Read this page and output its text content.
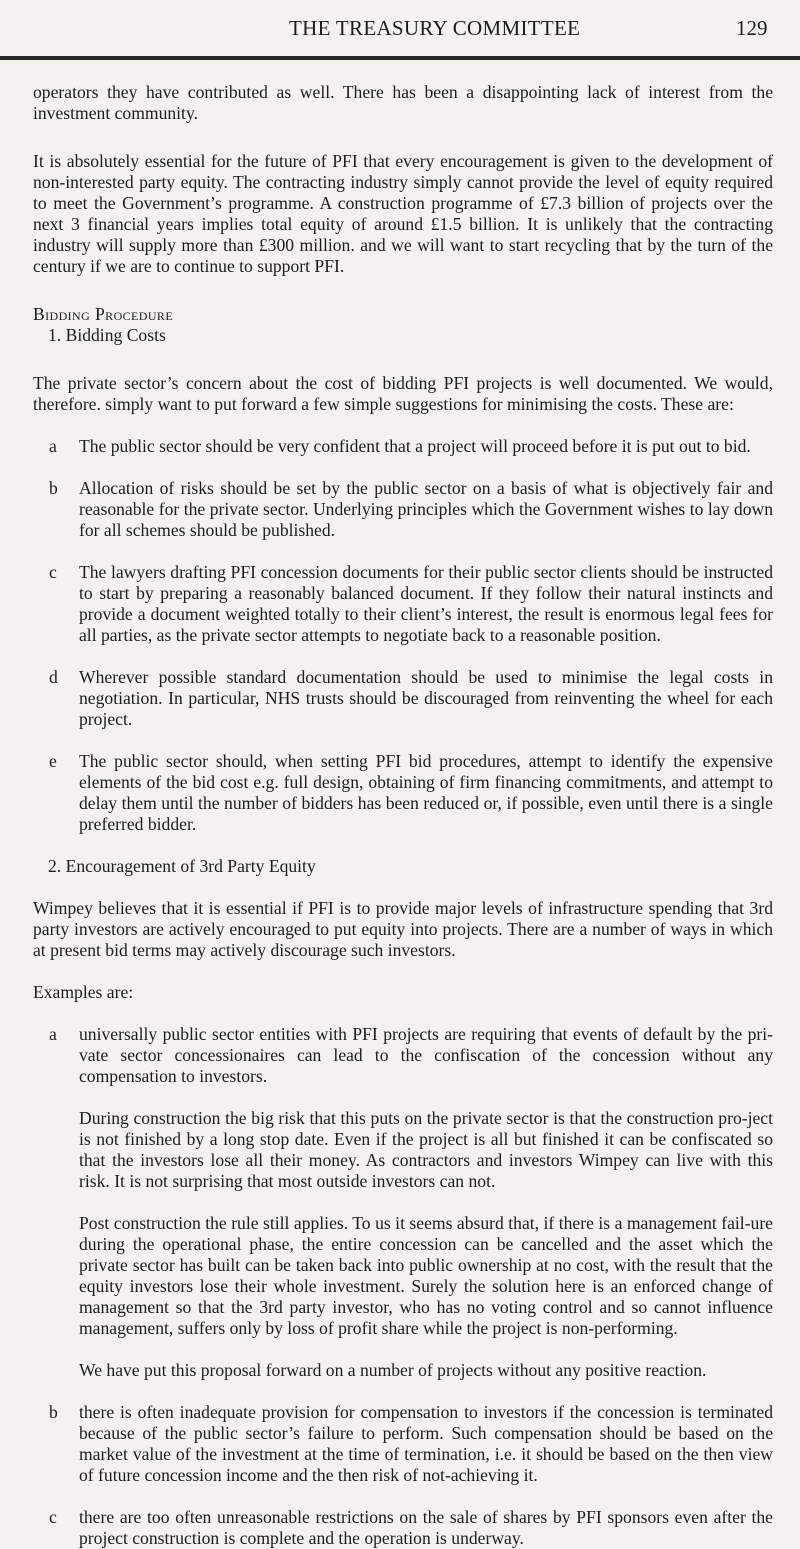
THE TREASURY COMMITTEE	129

operators they have contributed as well. There has been a disappointing lack of interest from the investment community.

It is absolutely essential for the future of PFI that every encouragement is given to the development of non-interested party equity. The contracting industry simply cannot provide the level of equity required to meet the Government’s programme. A construction programme of £7.3 billion of projects over the next 3 financial years implies total equity of around £1.5 billion. It is unlikely that the contracting industry will supply more than £300 million. and we will want to start recycling that by the turn of the century if we are to continue to support PFI.

Bidding Procedure

1. Bidding Costs

The private sector’s concern about the cost of bidding PFI projects is well documented. We would, therefore. simply want to put forward a few simple suggestions for minimising the costs. These are:

a	The public sector should be very confident that a project will proceed before it is put out to bid.
b	Allocation of risks should be set by the public sector on a basis of what is objectively fair and reasonable for the private sector. Underlying principles which the Government wishes to lay down for all schemes should be published.
c	The lawyers drafting PFI concession documents for their public sector clients should be instructed to start by preparing a reasonably balanced document. If they follow their natural instincts and provide a document weighted totally to their client’s interest, the result is enormous legal fees for all parties, as the private sector attempts to negotiate back to a reasonable position.
d	Wherever possible standard documentation should be used to minimise the legal costs in negotiation. In particular, NHS trusts should be discouraged from reinventing the wheel for each project.
e	The public sector should, when setting PFI bid procedures, attempt to identify the expensive elements of the bid cost e.g. full design, obtaining of firm financing commitments, and attempt to delay them until the number of bidders has been reduced or, if possible, even until there is a single preferred bidder.

2. Encouragement of 3rd Party Equity

Wimpey believes that it is essential if PFI is to provide major levels of infrastructure spending that 3rd party investors are actively encouraged to put equity into projects. There are a number of ways in which at present bid terms may actively discourage such investors.

Examples are:

a	universally public sector entities with PFI projects are requiring that events of default by the pri-vate sector concessionaires can lead to the confiscation of the concession without any compensation to investors.

During construction the big risk that this puts on the private sector is that the construction pro-ject is not finished by a long stop date. Even if the project is all but finished it can be confiscated so that the investors lose all their money. As contractors and investors Wimpey can live with this risk. It is not surprising that most outside investors can not.

Post construction the rule still applies. To us it seems absurd that, if there is a management fail-ure during the operational phase, the entire concession can be cancelled and the asset which the private sector has built can be taken back into public ownership at no cost, with the result that the equity investors lose their whole investment. Surely the solution here is an enforced change of management so that the 3rd party investor, who has no voting control and so cannot influence management, suffers only by loss of profit share while the project is non-performing.

We have put this proposal forward on a number of projects without any positive reaction.

b	there is often inadequate provision for compensation to investors if the concession is terminated because of the public sector’s failure to perform. Such compensation should be based on the market value of the investment at the time of termination, i.e. it should be based on the then view of future concession income and the then risk of not-achieving it.
c	there are too often unreasonable restrictions on the sale of shares by PFI sponsors even after the project construction is complete and the operation is underway.
